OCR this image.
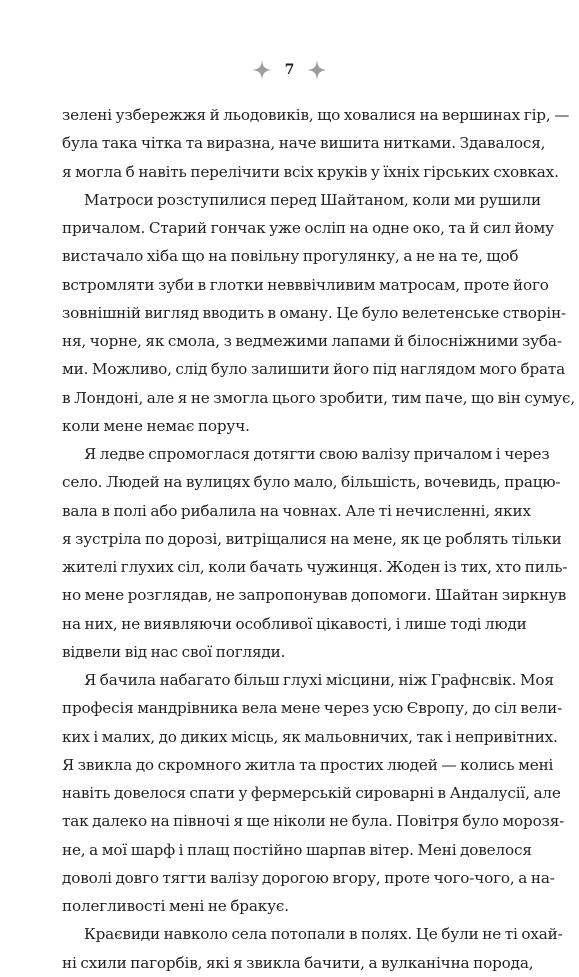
7

зелені узбережжя й льодовиків, що ховалися на вершинах гір, —
була така чітка та виразна, наче вишита нитками. Здавалося,
я могла б навіть перелічити всіх круків у їхніх гірських сховках.

Матроси розступилися перед Шайтаном, коли ми рушили
причалом. Старий гончак уже осліп на одне око, та й сил йому
вистачало хіба що на повільну прогулянку, а не на те, щоб
встромляти зуби в глотки невввічливим матросам, проте його
зовнішній вигляд вводить в оману. Це було велетенське створін-
ня, чорне, як смола, з ведмежими лапами й білосніжними зуба-
ми. Можливо, слід було залишити його під наглядом мого брата
в Лондоні, але я не змогла цього зробити, тим паче, що він сумує,
коли мене немає поруч.

Я ледве спромоглася дотягти свою валізу причалом і через
село. Людей на вулицях було мало, більшість, вочевидь, працю-
вала в полі або рибалила на човнах. Але ті нечисленні, яких
я зустріла по дорозі, витріщалися на мене, як це роблять тільки
жителі глухих сіл, коли бачать чужинця. Жоден із тих, хто пиль-
но мене розглядав, не запропонував допомоги. Шайтан зиркнув
на них, не виявляючи особливої цікавості, і лише тоді люди
відвели від нас свої погляди.

Я бачила набагато більш глухі місцини, ніж Графнсвік. Моя
професія мандрівника вела мене через усю Європу, до сіл вели-
ких і малих, до диких місць, як мальовничих, так і непривітних.
Я звикла до скромного житла та простих людей — колись мені
навіть довелося спати у фермерській сироварні в Андалусії, але
так далеко на півночі я ще ніколи не була. Повітря було морозя-
не, а мої шарф і плащ постійно шарпав вітер. Мені довелося
доволі довго тягти валізу дорогою вгору, проте чого-чого, а на-
полегливості мені не бракує.

Краєвиди навколо села потопали в полях. Це були не ті охай-
ні схили пагорбів, які я звикла бачити, а вулканічна порода,
